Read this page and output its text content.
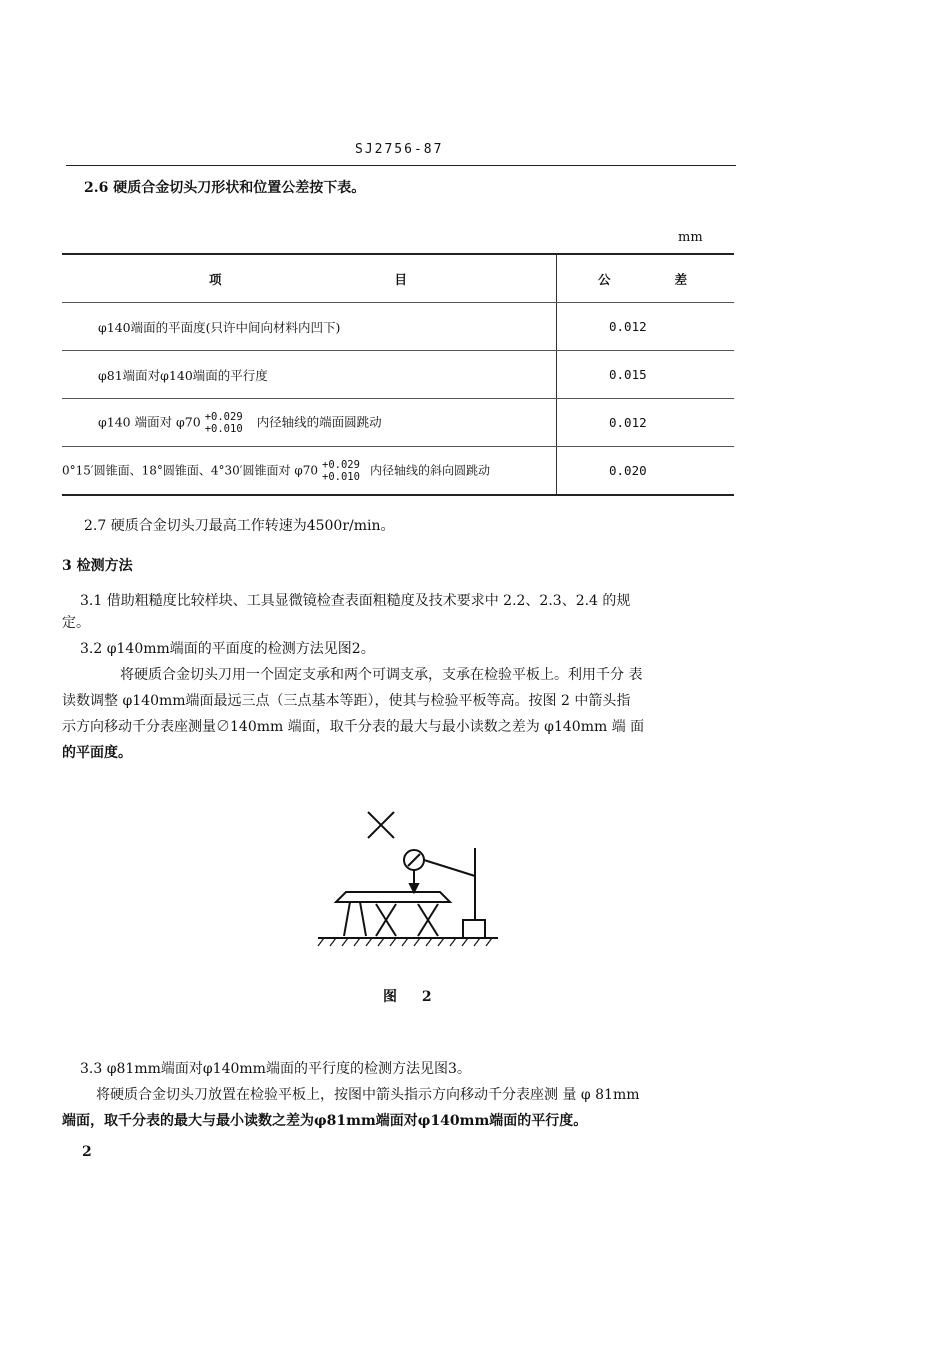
SJ2756-87
2.6 硬质合金切头刀形状和位置公差按下表。
mm
项 目	公 差

φ140端面的平面度(只许中间向材料内凹下)	0.012
φ81端面对φ140端面的平行度	0.015
φ140 端面对 φ70 +0.029
+0.010 内径轴线的端面圆跳动	0.012
0°15′圆锥面、18°圆锥面、4°30′圆锥面对 φ70 +0.029
+0.010 内径轴线的斜向圆跳动	0.020
2.7 硬质合金切头刀最高工作转速为4500r/min。
3 检测方法
3.1 借助粗糙度比较样块、工具显微镜检查表面粗糙度及技术要求中 2.2、2.3、2.4 的规
定。
3.2 φ140mm端面的平面度的检测方法见图2。
将硬质合金切头刀用一个固定支承和两个可调支承，支承在检验平板上。利用千分 表
读数调整 φ140mm端面最远三点（三点基本等距），使其与检验平板等高。按图 2 中箭头指
示方向移动千分表座测量∅140mm 端面，取千分表的最大与最小读数之差为 φ140mm 端 面
的平面度。
图 2
3.3 φ81mm端面对φ140mm端面的平行度的检测方法见图3。
将硬质合金切头刀放置在检验平板上，按图中箭头指示方向移动千分表座测 量 φ 81mm
端面，取千分表的最大与最小读数之差为φ81mm端面对φ140mm端面的平行度。
2
